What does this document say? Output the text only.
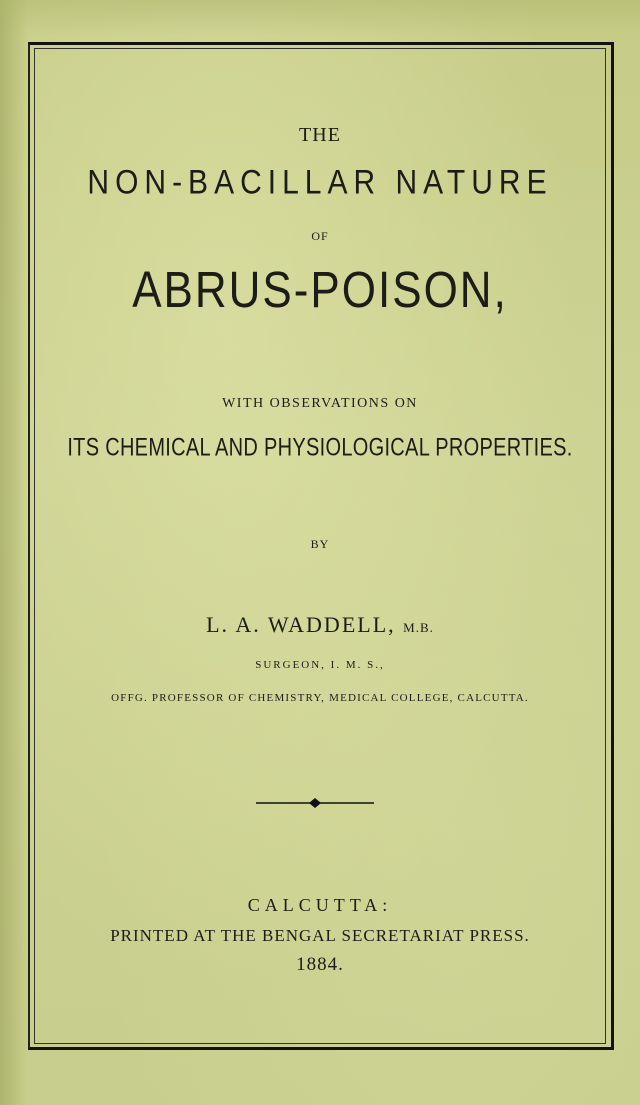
THE
NON-BACILLAR NATURE
OF
ABRUS-POISON,
WITH OBSERVATIONS ON
ITS CHEMICAL AND PHYSIOLOGICAL PROPERTIES.
BY
L. A. WADDELL, M.B.
SURGEON, I. M. S.,
OFFG. PROFESSOR OF CHEMISTRY, MEDICAL COLLEGE, CALCUTTA.
CALCUTTA:
PRINTED AT THE BENGAL SECRETARIAT PRESS.
1884.
